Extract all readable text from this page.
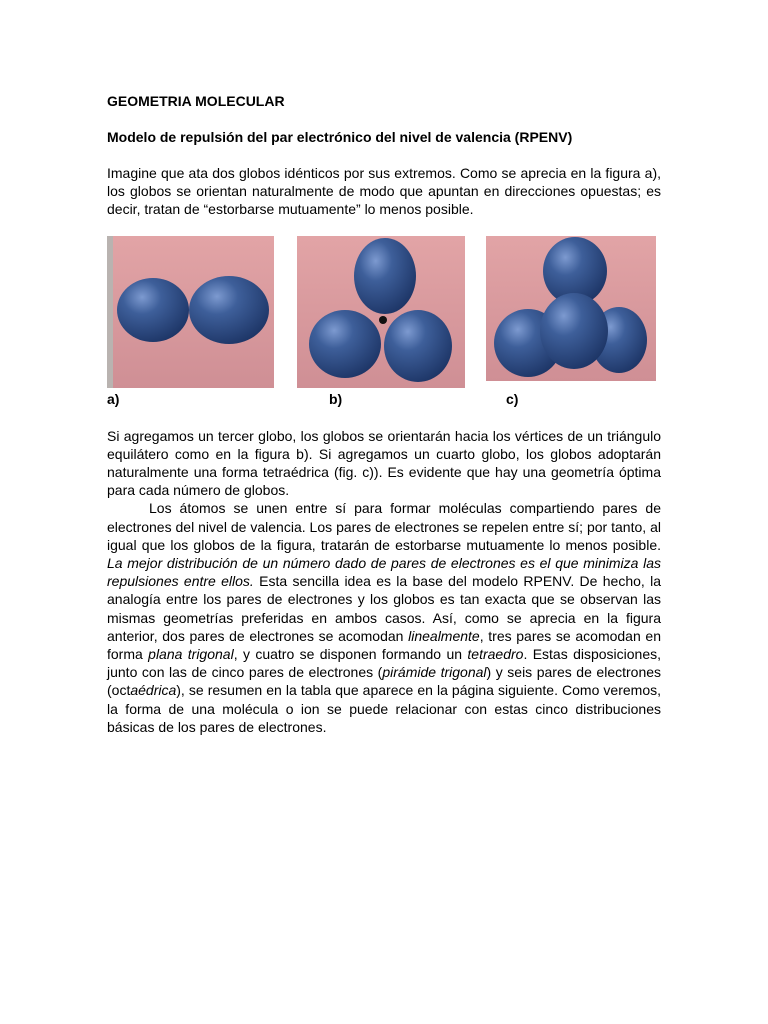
GEOMETRIA MOLECULAR

Modelo de repulsión del par electrónico del nivel de valencia (RPENV)

Imagine que ata dos globos idénticos por sus extremos. Como se aprecia en la figura a), los globos se orientan naturalmente de modo que apuntan en direcciones opuestas; es decir, tratan de “estorbarse mutuamente” lo menos posible.

a)	b)	c)

Si agregamos un tercer globo, los globos se orientarán hacia los vértices de un triángulo equilátero como en la figura b). Si agregamos un cuarto globo, los globos adoptarán naturalmente una forma tetraédrica (fig. c)). Es evidente que hay una geometría óptima para cada número de globos.

Los átomos se unen entre sí para formar moléculas compartiendo pares de electrones del nivel de valencia. Los pares de electrones se repelen entre sí; por tanto, al igual que los globos de la figura, tratarán de estorbarse mutuamente lo menos posible. La mejor distribución de un número dado de pares de electrones es el que minimiza las repulsiones entre ellos. Esta sencilla idea es la base del modelo RPENV. De hecho, la analogía entre los pares de electrones y los globos es tan exacta que se observan las mismas geometrías preferidas en ambos casos. Así, como se aprecia en la figura anterior, dos pares de electrones se acomodan linealmente, tres pares se acomodan en forma plana trigonal, y cuatro se disponen formando un tetraedro. Estas disposiciones, junto con las de cinco pares de electrones (pirámide trigonal) y seis pares de electrones (octaédrica), se resumen en la tabla que aparece en la página siguiente. Como veremos, la forma de una molécula o ion se puede relacionar con estas cinco distribuciones básicas de los pares de electrones.
